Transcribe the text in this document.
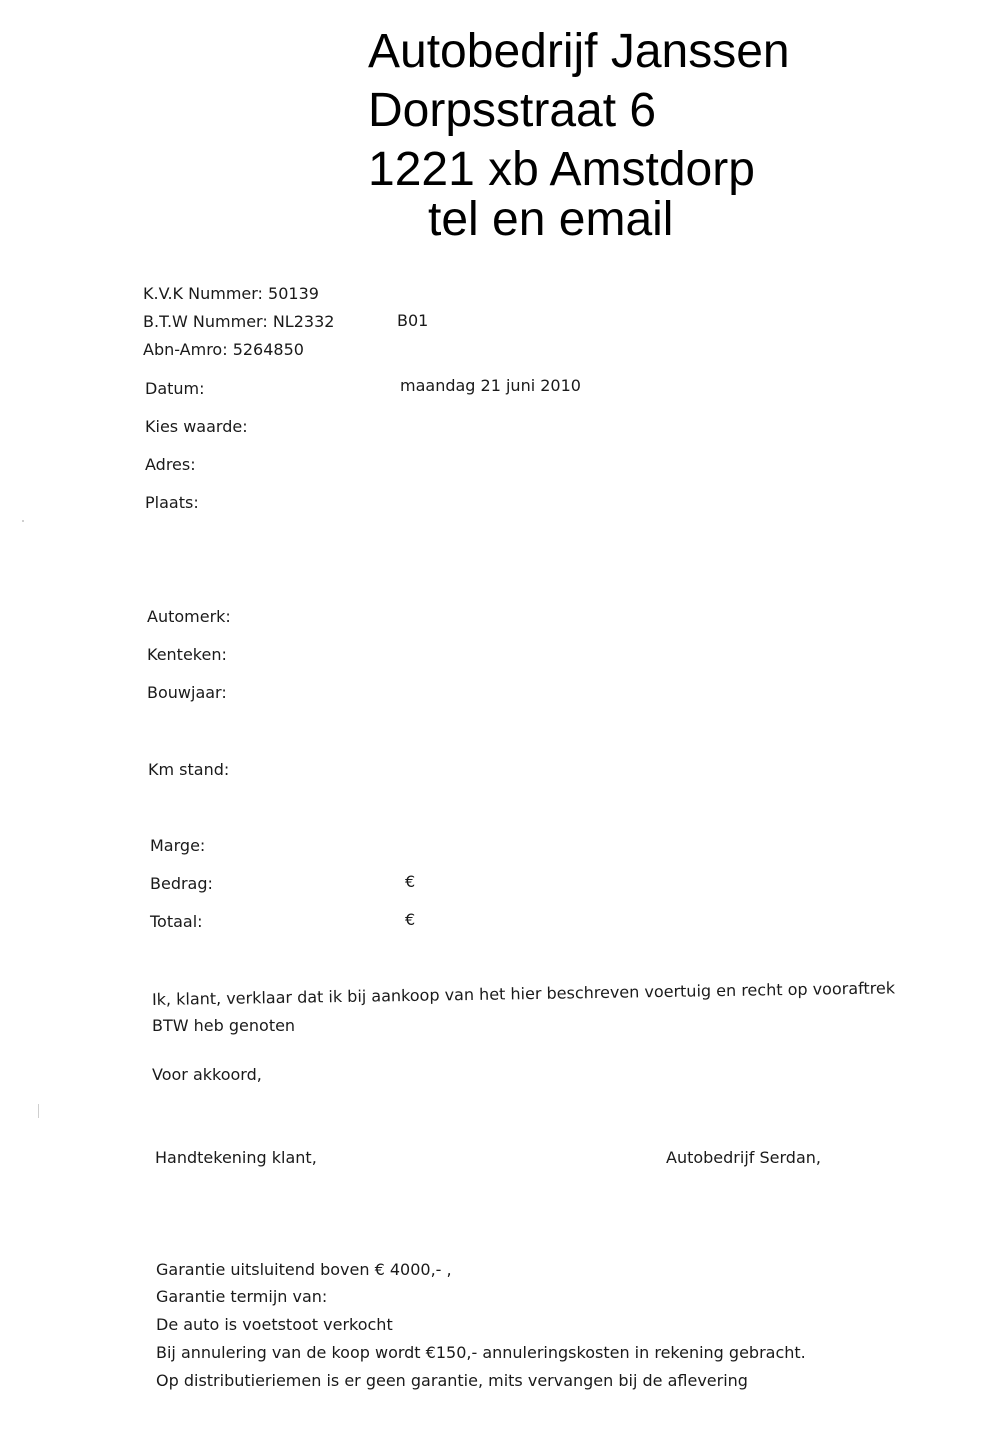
Autobedrijf Janssen
Dorpsstraat 6
1221 xb Amstdorp
tel en email
K.V.K Nummer: 50139
B.T.W Nummer: NL2332	B01
Abn-Amro: 5264850
Datum:	maandag 21 juni 2010
Kies waarde:
Adres:
Plaats:
Automerk:
Kenteken:
Bouwjaar:
Km stand:
Marge:
Bedrag:	€
Totaal:	€
Ik, klant, verklaar dat ik bij aankoop van het hier beschreven voertuig en recht op vooraftrek
BTW heb genoten
Voor akkoord,
Handtekening klant,	Autobedrijf Serdan,
Garantie uitsluitend boven € 4000,- ,
Garantie termijn van:
De auto is voetstoot verkocht
Bij annulering van de koop wordt €150,- annuleringskosten in rekening gebracht.
Op distributieriemen is er geen garantie, mits vervangen bij de aflevering
